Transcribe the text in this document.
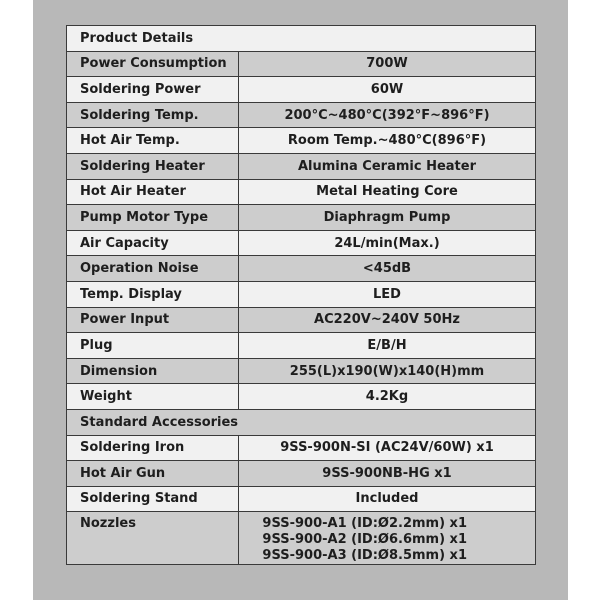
Product Details	
Power Consumption	700W
Soldering Power	60W
Soldering Temp.	200°C~480°C(392°F~896°F)
Hot Air Temp.	Room Temp.~480°C(896°F)
Soldering Heater	Alumina Ceramic Heater
Hot Air Heater	Metal Heating Core
Pump Motor Type	Diaphragm Pump
Air Capacity	24L/min(Max.)
Operation Noise	<45dB
Temp. Display	LED
Power Input	AC220V~240V 50Hz
Plug	E/B/H
Dimension	255(L)x190(W)x140(H)mm
Weight	4.2Kg
Standard Accessories	
Soldering Iron	9SS-900N-SI (AC24V/60W) x1
Hot Air Gun	9SS-900NB-HG x1
Soldering Stand	Included
Nozzles	9SS-900-A1 (ID:Ø2.2mm) x1
9SS-900-A2 (ID:Ø6.6mm) x1
9SS-900-A3 (ID:Ø8.5mm) x1
